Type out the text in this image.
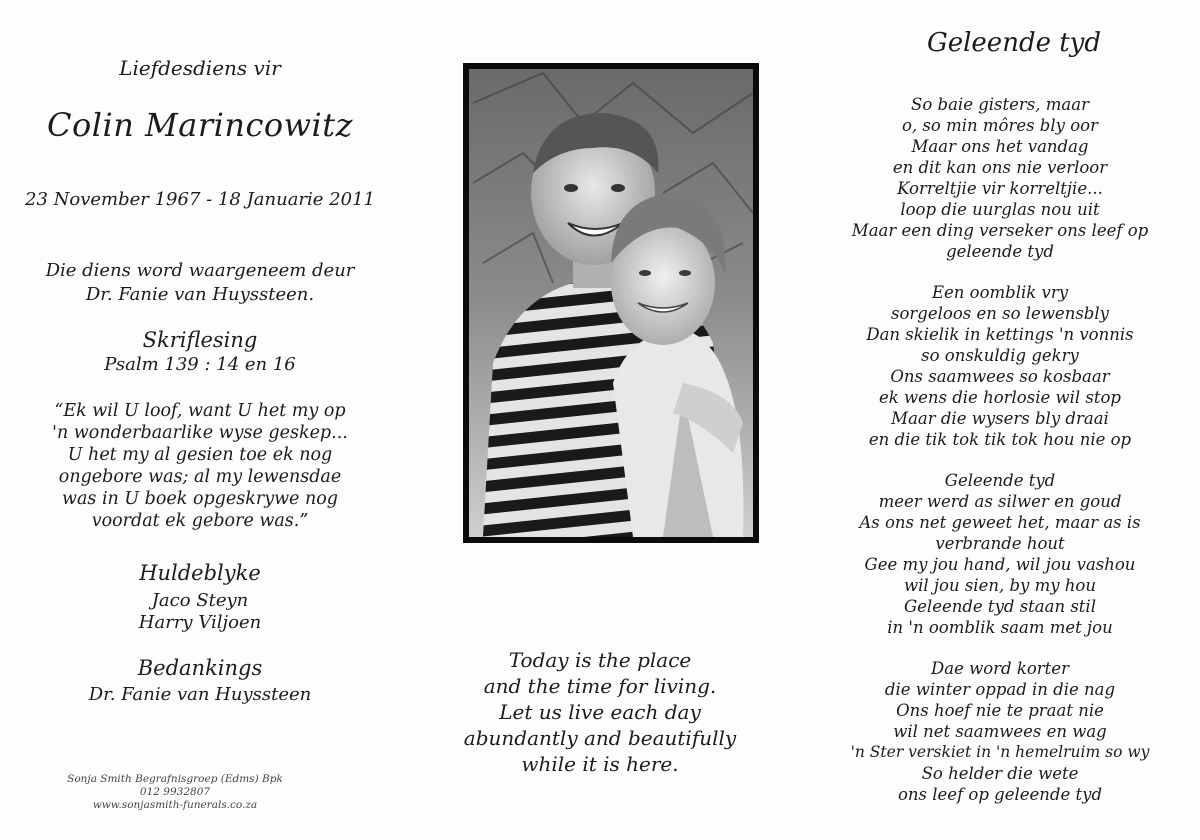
Liefdesdiens vir
Colin Marincowitz
23 November 1967 - 18 Januarie 2011
Die diens word waargeneem deur
Dr. Fanie van Huyssteen.
Skriflesing
Psalm 139 : 14 en 16
“Ek wil U loof, want U het my op
'n wonderbaarlike wyse geskep...
U het my al gesien toe ek nog
ongebore was; al my lewensdae
was in U boek opgeskrywe nog
voordat ek gebore was.”
Huldeblyke
Jaco Steyn
Harry Viljoen
Bedankings
Dr. Fanie van Huyssteen
Sonja Smith Begrafnisgroep (Edms) Bpk
012 9932807
www.sonjasmith-funerals.co.za
Today is the place
and the time for living.
Let us live each day
abundantly and beautifully
while it is here.
Geleende tyd
So baie gisters, maar
o, so min môres bly oor
Maar ons het vandag
en dit kan ons nie verloor
Korreltjie vir korreltjie...
loop die uurglas nou uit
Maar een ding verseker ons leef op
geleende tyd
Een oomblik vry
sorgeloos en so lewensbly
Dan skielik in kettings 'n vonnis
so onskuldig gekry
Ons saamwees so kosbaar
ek wens die horlosie wil stop
Maar die wysers bly draai
en die tik tok tik tok hou nie op
Geleende tyd
meer werd as silwer en goud
As ons net geweet het, maar as is
verbrande hout
Gee my jou hand, wil jou vashou
wil jou sien, by my hou
Geleende tyd staan stil
in 'n oomblik saam met jou
Dae word korter
die winter oppad in die nag
Ons hoef nie te praat nie
wil net saamwees en wag
'n Ster verskiet in 'n hemelruim so wy
So helder die wete
ons leef op geleende tyd
